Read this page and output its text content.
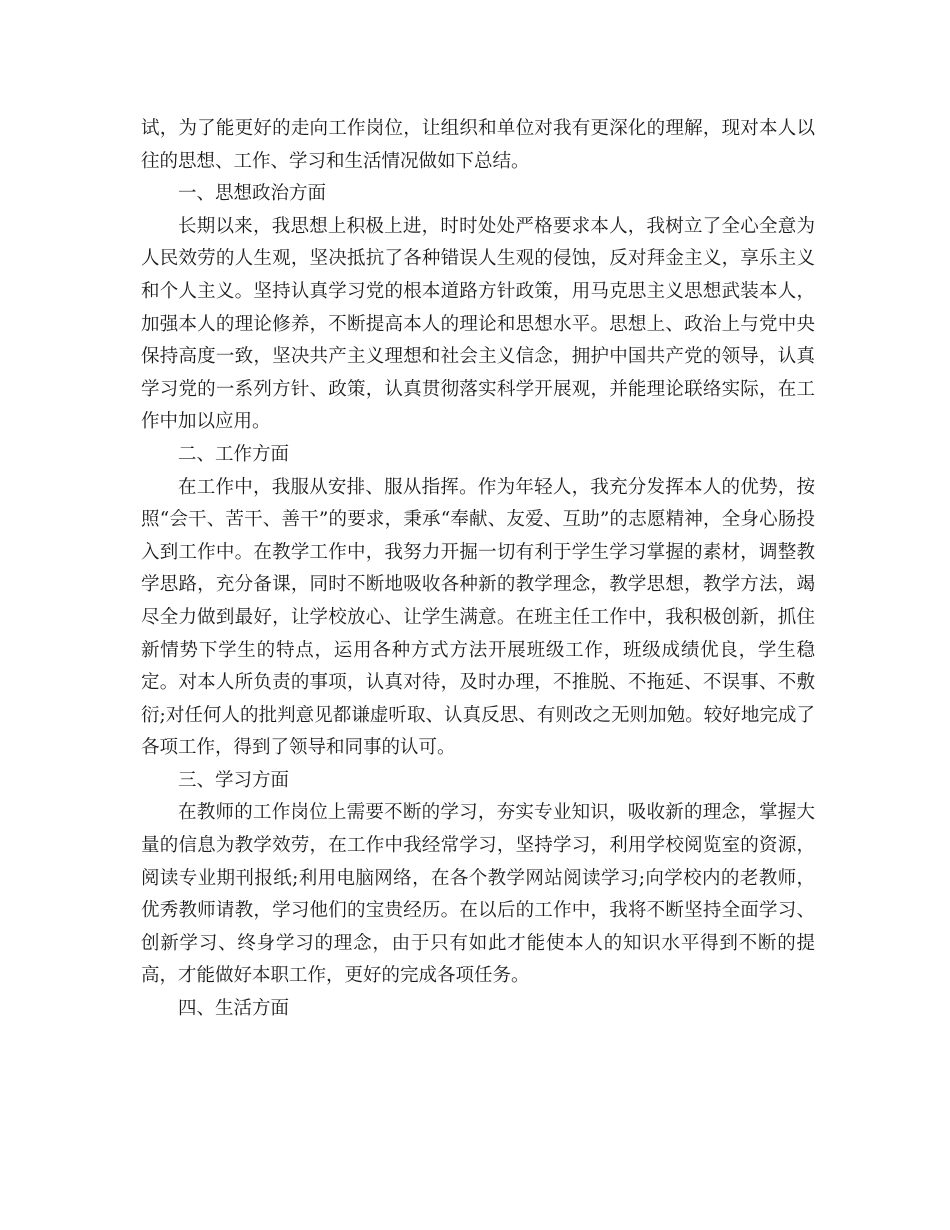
试，为了能更好的走向工作岗位，让组织和单位对我有更深化的理解，现对本人以往的思想、工作、学习和生活情况做如下总结。

一、思想政治方面

长期以来，我思想上积极上进，时时处处严格要求本人，我树立了全心全意为人民效劳的人生观，坚决抵抗了各种错误人生观的侵蚀，反对拜金主义，享乐主义和个人主义。坚持认真学习党的根本道路方针政策，用马克思主义思想武装本人，加强本人的理论修养，不断提高本人的理论和思想水平。思想上、政治上与党中央保持高度一致，坚决共产主义理想和社会主义信念，拥护中国共产党的领导，认真学习党的一系列方针、政策，认真贯彻落实科学开展观，并能理论联络实际，在工作中加以应用。

二、工作方面

在工作中，我服从安排、服从指挥。作为年轻人，我充分发挥本人的优势，按照“会干、苦干、善干”的要求，秉承“奉献、友爱、互助”的志愿精神，全身心肠投入到工作中。在教学工作中，我努力开掘一切有利于学生学习掌握的素材，调整教学思路，充分备课，同时不断地吸收各种新的教学理念，教学思想，教学方法，竭尽全力做到最好，让学校放心、让学生满意。在班主任工作中，我积极创新，抓住新情势下学生的特点，运用各种方式方法开展班级工作，班级成绩优良，学生稳定。对本人所负责的事项，认真对待，及时办理，不推脱、不拖延、不误事、不敷衍;对任何人的批判意见都谦虚听取、认真反思、有则改之无则加勉。较好地完成了各项工作，得到了领导和同事的认可。

三、学习方面

在教师的工作岗位上需要不断的学习，夯实专业知识，吸收新的理念，掌握大量的信息为教学效劳，在工作中我经常学习，坚持学习，利用学校阅览室的资源，阅读专业期刊报纸;利用电脑网络，在各个教学网站阅读学习;向学校内的老教师，优秀教师请教，学习他们的宝贵经历。在以后的工作中，我将不断坚持全面学习、创新学习、终身学习的理念，由于只有如此才能使本人的知识水平得到不断的提高，才能做好本职工作，更好的完成各项任务。

四、生活方面
